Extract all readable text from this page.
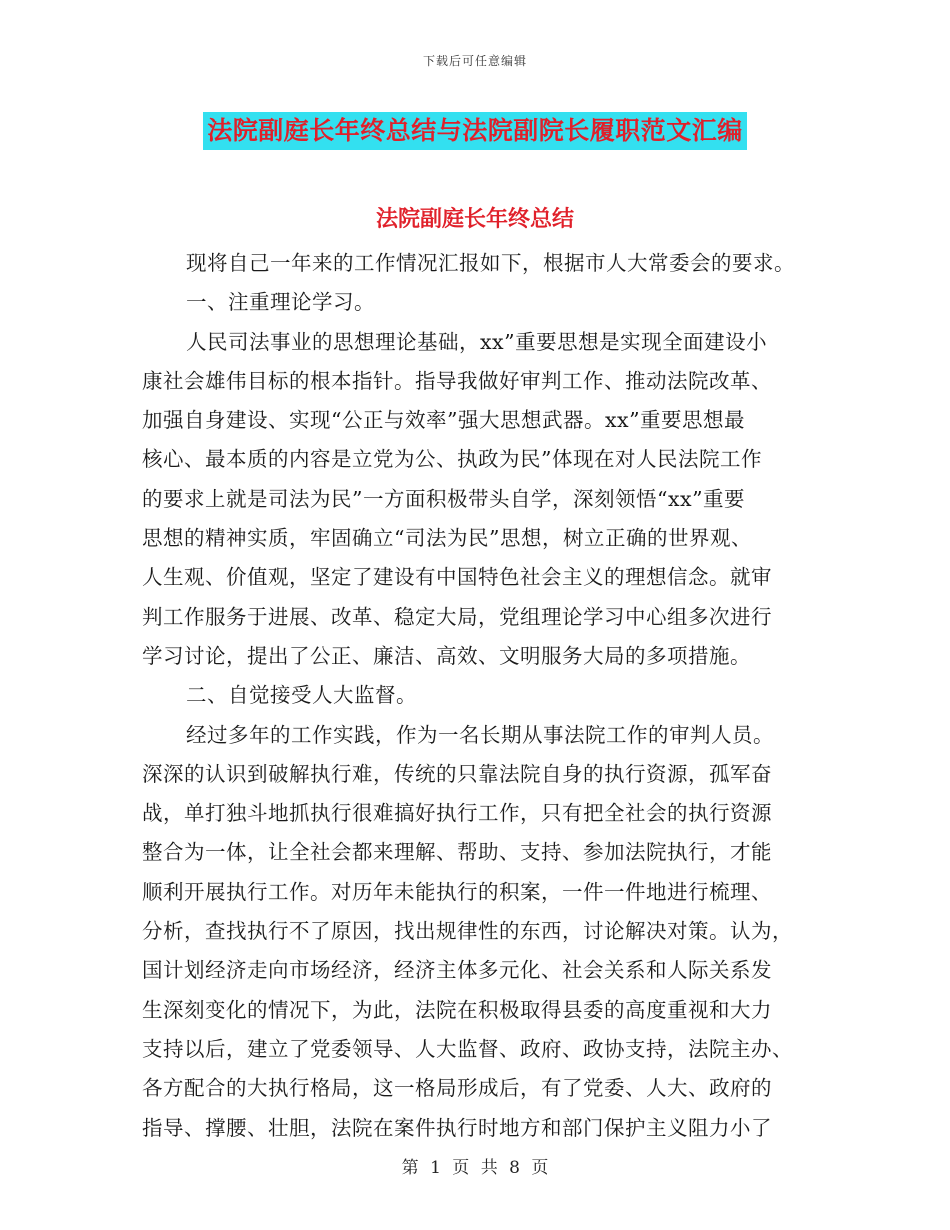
下载后可任意编辑
法院副庭长年终总结与法院副院长履职范文汇编
法院副庭长年终总结

现将自己一年来的工作情况汇报如下，根据市人大常委会的要求。

一、注重理论学习。

人民司法事业的思想理论基础，xx”重要思想是实现全面建设小

康社会雄伟目标的根本指针。指导我做好审判工作、推动法院改革、

加强自身建设、实现“公正与效率”强大思想武器。xx”重要思想最

核心、最本质的内容是立党为公、执政为民”体现在对人民法院工作

的要求上就是司法为民”一方面积极带头自学，深刻领悟“xx”重要

思想的精神实质，牢固确立“司法为民”思想，树立正确的世界观、

人生观、价值观，坚定了建设有中国特色社会主义的理想信念。就审

判工作服务于进展、改革、稳定大局，党组理论学习中心组多次进行

学习讨论，提出了公正、廉洁、高效、文明服务大局的多项措施。

二、自觉接受人大监督。

经过多年的工作实践，作为一名长期从事法院工作的审判人员。

深深的认识到破解执行难，传统的只靠法院自身的执行资源，孤军奋

战，单打独斗地抓执行很难搞好执行工作，只有把全社会的执行资源

整合为一体，让全社会都来理解、帮助、支持、参加法院执行，才能

顺利开展执行工作。对历年未能执行的积案，一件一件地进行梳理、

分析，查找执行不了原因，找出规律性的东西，讨论解决对策。认为，

国计划经济走向市场经济，经济主体多元化、社会关系和人际关系发

生深刻变化的情况下，为此，法院在积极取得县委的高度重视和大力

支持以后，建立了党委领导、人大监督、政府、政协支持，法院主办、

各方配合的大执行格局，这一格局形成后，有了党委、人大、政府的

指导、撑腰、壮胆，法院在案件执行时地方和部门保护主义阻力小了

第 1 页 共 8 页
